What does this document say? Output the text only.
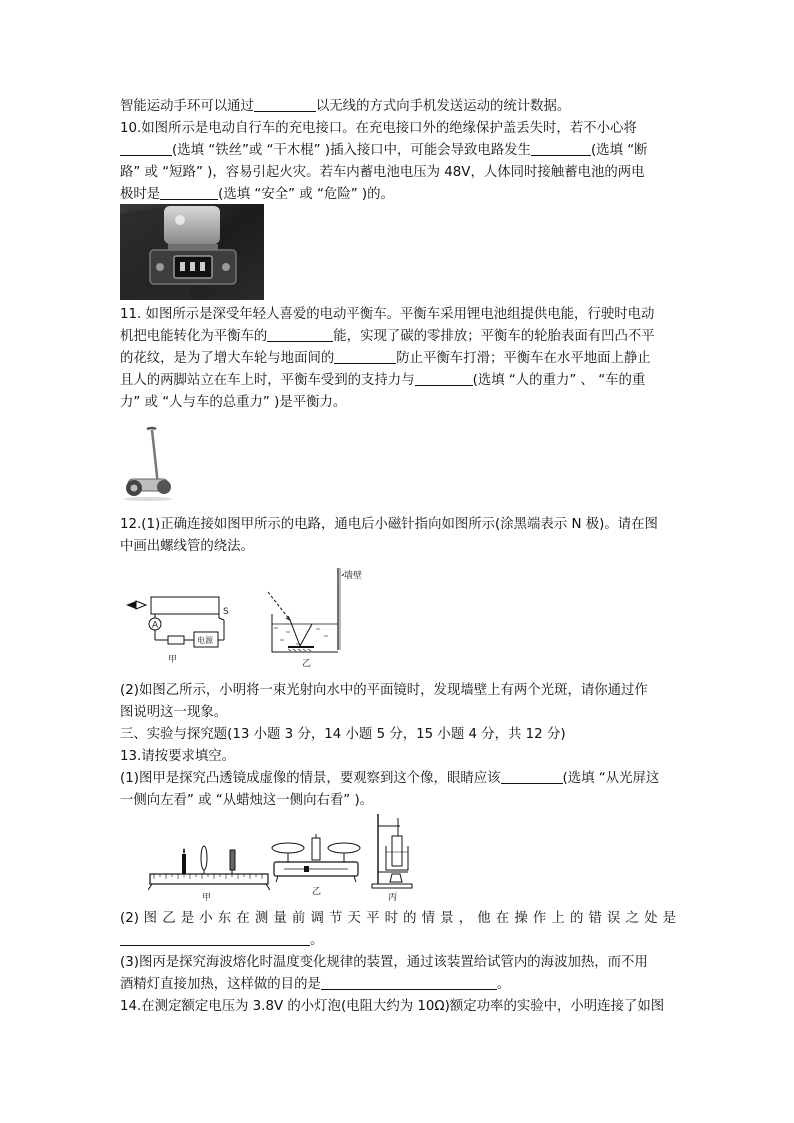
智能运动手环可以通过	以无线的方式向手机发送运动的统计数据。
10.如图所示是电动自行车的充电接口。在充电接口外的绝缘保护盖丢失时，若不小心将
(选填 “铁丝”或 “干木棍” )插入接口中，可能会导致电路发生	(选填 “断
路” 或 “短路” )，容易引起火灾。若车内蓄电池电压为 48V，人体同时接触蓄电池的两电
极时是	(选填 “安全” 或 “危险” )的。
11. 如图所示是深受年轻人喜爱的电动平衡车。平衡车采用锂电池组提供电能，行驶时电动
机把电能转化为平衡车的	能，实现了碳的零排放；平衡车的轮胎表面有凹凸不平
的花纹，是为了增大车轮与地面间的	防止平衡车打滑；平衡车在水平地面上静止
且人的两脚站立在车上时，平衡车受到的支持力与	(选填 “人的重力” 、 “车的重
力” 或 “人与车的总重力” )是平衡力。
12.(1)正确连接如图甲所示的电路，通电后小磁针指向如图所示(涂黑端表示 N 极)。请在图
中画出螺线管的绕法。
A
电源
S
甲
墙壁
乙
(2)如图乙所示，小明将一束光射向水中的平面镜时，发现墙壁上有两个光斑，请你通过作
图说明这一现象。
三、实验与探究题(13 小题 3 分，14 小题 5 分，15 小题 4 分，共 12 分)
13.请按要求填空。
(1)图甲是探究凸透镜成虚像的情景，要观察到这个像，眼睛应该	(选填 “从光屏这
一侧向左看” 或 “从蜡烛这一侧向右看” )。
甲
乙
丙
(2) 图 乙 是 小 东 在 测 量 前 调 节 天 平 时 的 情 景 ， 他 在 操 作 上 的 错 误 之 处 是
。
(3)图丙是探究海波熔化时温度变化规律的装置，通过该装置给试管内的海波加热，而不用
酒精灯直接加热，这样做的目的是	。
14.在测定额定电压为 3.8V 的小灯泡(电阻大约为 10Ω)额定功率的实验中，小明连接了如图
